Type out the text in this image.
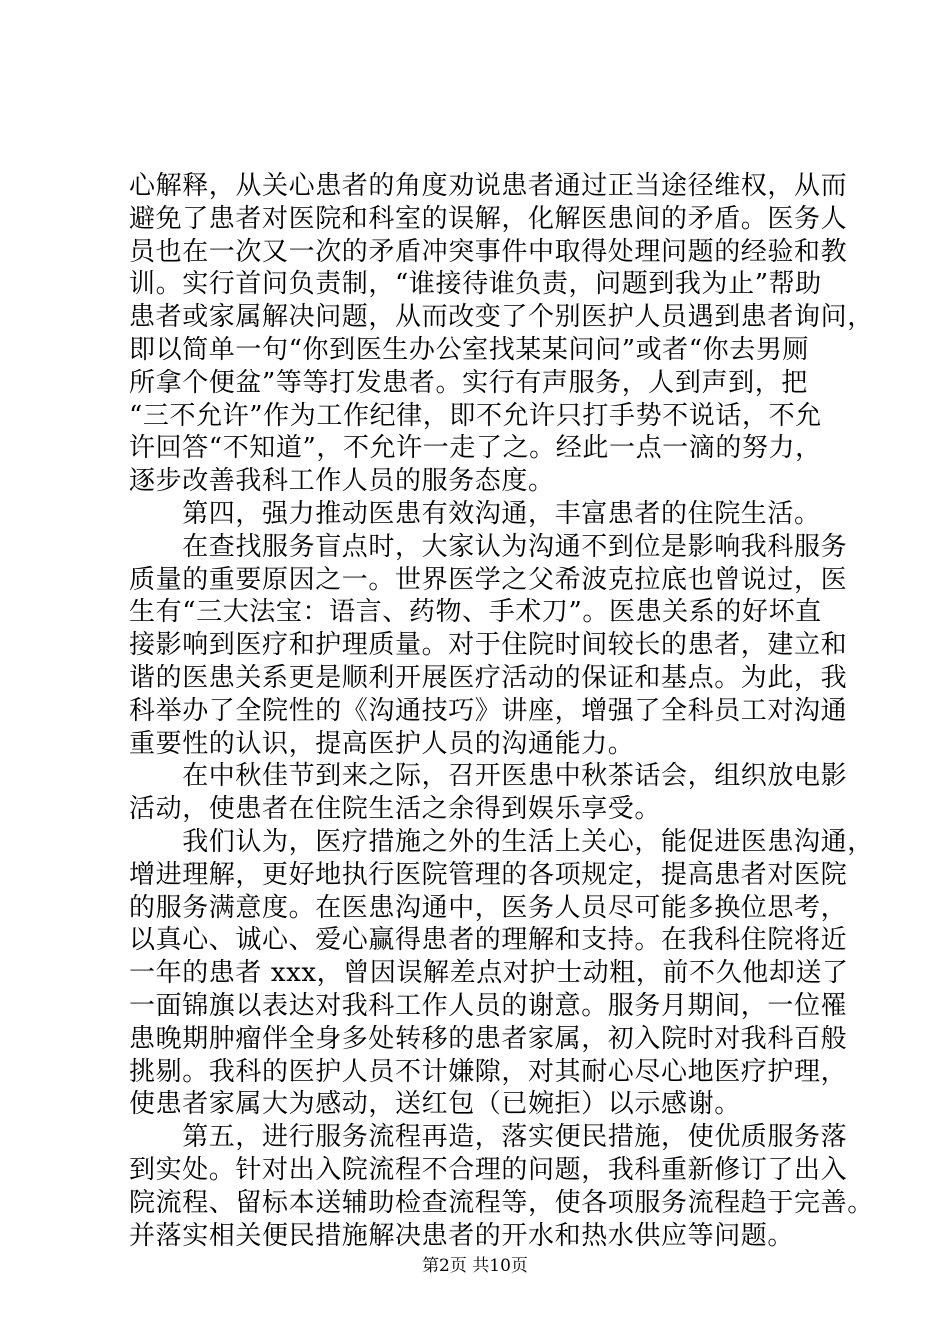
心解释，从关心患者的角度劝说患者通过正当途径维权，从而
避免了患者对医院和科室的误解，化解医患间的矛盾。医务人
员也在一次又一次的矛盾冲突事件中取得处理问题的经验和教
训。实行首问负责制，“谁接待谁负责，问题到我为止”帮助
患者或家属解决问题，从而改变了个别医护人员遇到患者询问，
即以简单一句“你到医生办公室找某某问问”或者“你去男厕
所拿个便盆”等等打发患者。实行有声服务，人到声到，把
“三不允许”作为工作纪律，即不允许只打手势不说话，不允
许回答“不知道”，不允许一走了之。经此一点一滴的努力，
逐步改善我科工作人员的服务态度。
　　第四，强力推动医患有效沟通，丰富患者的住院生活。
　　在查找服务盲点时，大家认为沟通不到位是影响我科服务
质量的重要原因之一。世界医学之父希波克拉底也曾说过，医
生有“三大法宝：语言、药物、手术刀”。医患关系的好坏直
接影响到医疗和护理质量。对于住院时间较长的患者，建立和
谐的医患关系更是顺利开展医疗活动的保证和基点。为此，我
科举办了全院性的《沟通技巧》讲座，增强了全科员工对沟通
重要性的认识，提高医护人员的沟通能力。
　　在中秋佳节到来之际，召开医患中秋茶话会，组织放电影
活动，使患者在住院生活之余得到娱乐享受。
　　我们认为，医疗措施之外的生活上关心，能促进医患沟通，
增进理解，更好地执行医院管理的各项规定，提高患者对医院
的服务满意度。在医患沟通中，医务人员尽可能多换位思考，
以真心、诚心、爱心赢得患者的理解和支持。在我科住院将近
一年的患者 xxx，曾因误解差点对护士动粗，前不久他却送了
一面锦旗以表达对我科工作人员的谢意。服务月期间，一位罹
患晚期肿瘤伴全身多处转移的患者家属，初入院时对我科百般
挑剔。我科的医护人员不计嫌隙，对其耐心尽心地医疗护理，
使患者家属大为感动，送红包（已婉拒）以示感谢。
　　第五，进行服务流程再造，落实便民措施，使优质服务落
到实处。针对出入院流程不合理的问题，我科重新修订了出入
院流程、留标本送辅助检查流程等，使各项服务流程趋于完善。
并落实相关便民措施解决患者的开水和热水供应等问题。
第2页 共10页
